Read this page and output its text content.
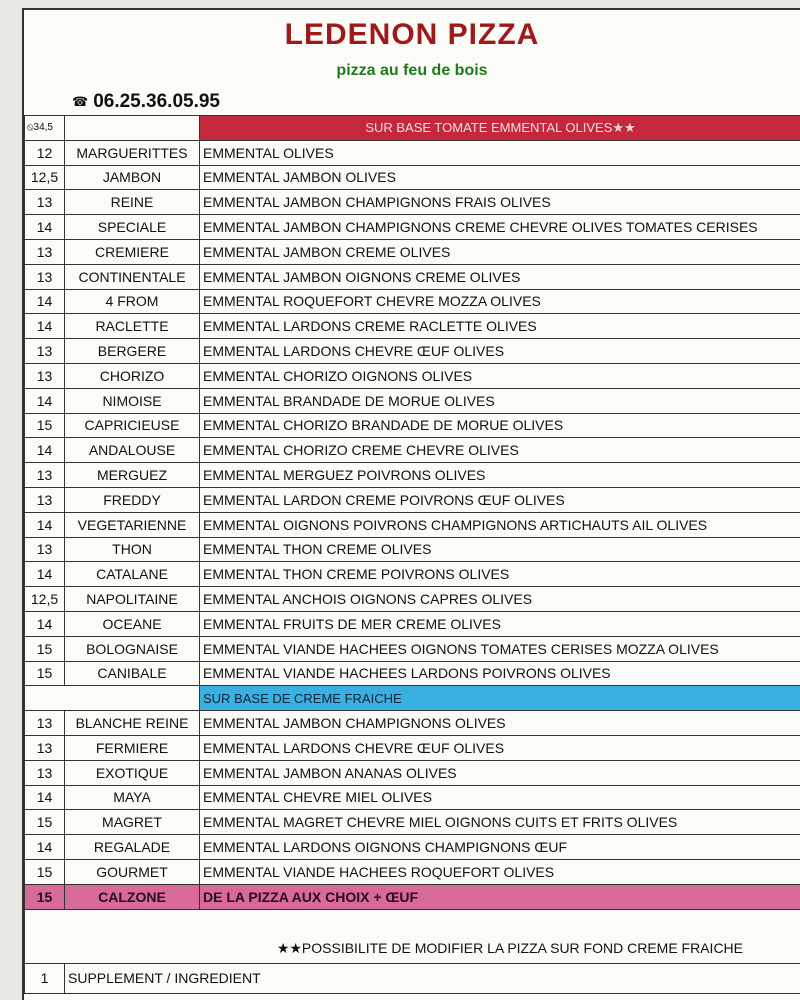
LEDENON PIZZA
pizza au feu de bois
☎ 06.25.36.05.95
⦸34,5		SUR BASE TOMATE EMMENTAL OLIVES★★
12	MARGUERITTES	EMMENTAL OLIVES
12,5	JAMBON	EMMENTAL JAMBON OLIVES
13	REINE	EMMENTAL JAMBON CHAMPIGNONS FRAIS OLIVES
14	SPECIALE	EMMENTAL JAMBON CHAMPIGNONS CREME CHEVRE OLIVES TOMATES CERISES
13	CREMIERE	EMMENTAL JAMBON CREME OLIVES
13	CONTINENTALE	EMMENTAL JAMBON OIGNONS CREME OLIVES
14	4 FROM	EMMENTAL ROQUEFORT CHEVRE MOZZA OLIVES
14	RACLETTE	EMMENTAL LARDONS CREME RACLETTE OLIVES
13	BERGERE	EMMENTAL LARDONS CHEVRE ŒUF OLIVES
13	CHORIZO	EMMENTAL CHORIZO OIGNONS OLIVES
14	NIMOISE	EMMENTAL BRANDADE DE MORUE OLIVES
15	CAPRICIEUSE	EMMENTAL CHORIZO BRANDADE DE MORUE OLIVES
14	ANDALOUSE	EMMENTAL CHORIZO CREME CHEVRE OLIVES
13	MERGUEZ	EMMENTAL MERGUEZ POIVRONS OLIVES
13	FREDDY	EMMENTAL LARDON CREME POIVRONS ŒUF OLIVES
14	VEGETARIENNE	EMMENTAL OIGNONS POIVRONS CHAMPIGNONS ARTICHAUTS AIL OLIVES
13	THON	EMMENTAL THON CREME OLIVES
14	CATALANE	EMMENTAL THON CREME POIVRONS OLIVES
12,5	NAPOLITAINE	EMMENTAL ANCHOIS OIGNONS CAPRES OLIVES
14	OCEANE	EMMENTAL FRUITS DE MER CREME OLIVES
15	BOLOGNAISE	EMMENTAL VIANDE HACHEES OIGNONS TOMATES CERISES MOZZA OLIVES
15	CANIBALE	EMMENTAL VIANDE HACHEES LARDONS POIVRONS OLIVES
		SUR BASE DE CREME FRAICHE
13	BLANCHE REINE	EMMENTAL JAMBON CHAMPIGNONS OLIVES
13	FERMIERE	EMMENTAL LARDONS CHEVRE ŒUF OLIVES
13	EXOTIQUE	EMMENTAL JAMBON ANANAS OLIVES
14	MAYA	EMMENTAL CHEVRE MIEL OLIVES
15	MAGRET	EMMENTAL MAGRET CHEVRE MIEL OIGNONS CUITS ET FRITS OLIVES
14	REGALADE	EMMENTAL LARDONS OIGNONS CHAMPIGNONS ŒUF
15	GOURMET	EMMENTAL VIANDE HACHEES ROQUEFORT OLIVES
15	CALZONE	DE LA PIZZA AUX CHOIX + ŒUF
★★POSSIBILITE DE MODIFIER LA PIZZA SUR FOND CREME FRAICHE		
1	SUPPLEMENT / INGREDIENT	
